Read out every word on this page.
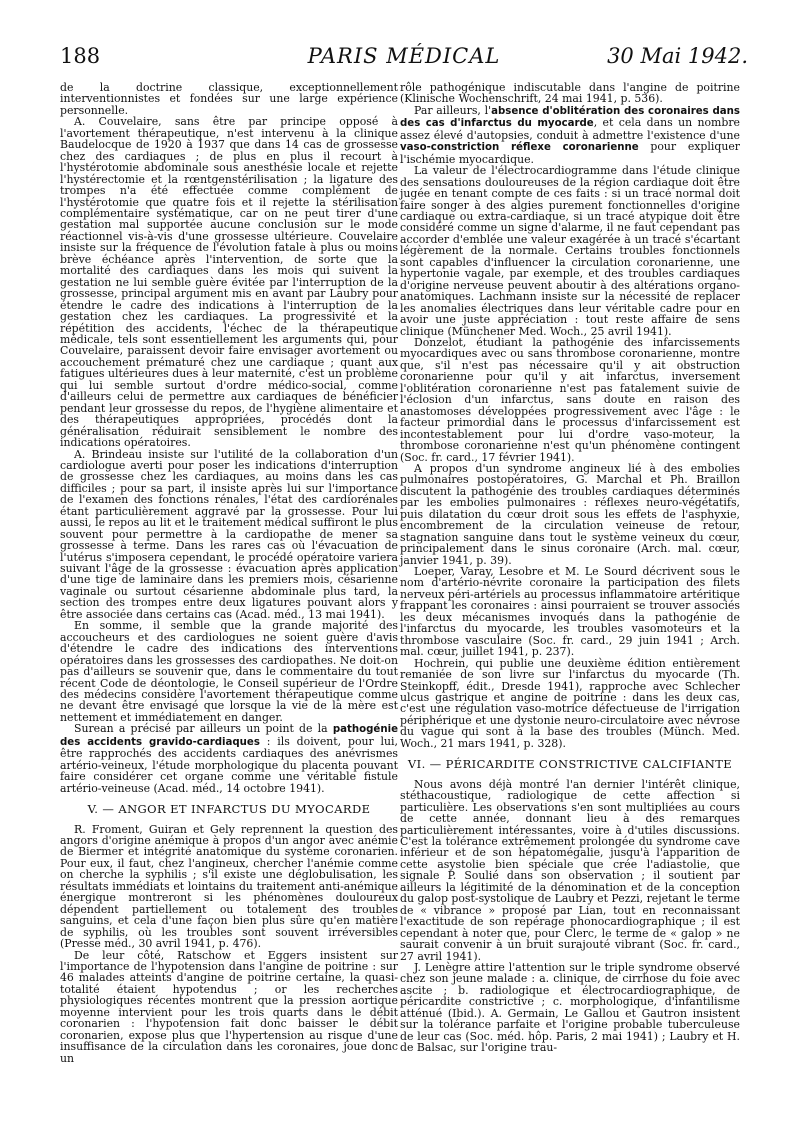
188	PARIS MÉDICAL	30 Mai 1942.

de la doctrine classique, exceptionnellement interventionnistes et fondées sur une large expérience personnelle.

A. Couvelaire, sans être par principe opposé à l'avortement thérapeutique, n'est intervenu à la clinique Baudelocque de 1920 à 1937 que dans 14 cas de grossesse chez des cardiaques ; de plus en plus il recourt à l'hystérotomie abdominale sous anesthésie locale et rejette l'hystérectomie et la rœntgenstérilisation ; la ligature des trompes n'a été effectuée comme complément de l'hystérotomie que quatre fois et il rejette la stérilisation complémentaire systématique, car on ne peut tirer d'une gestation mal supportée aucune conclusion sur le mode réactionnel vis-à-vis d'une grossesse ultérieure. Couvelaire insiste sur la fréquence de l'évolution fatale à plus ou moins brève échéance après l'intervention, de sorte que la mortalité des cardiaques dans les mois qui suivent la gestation ne lui semble guère évitée par l'interruption de la grossesse, principal argument mis en avant par Laubry pour étendre le cadre des indications à l'interruption de la gestation chez les cardiaques. La progressivité et la répétition des accidents, l'échec de la thérapeutique médicale, tels sont essentiellement les arguments qui, pour Couvelaire, paraissent devoir faire envisager avortement ou accouchement prématuré chez une cardiaque ; quant aux fatigues ultérieures dues à leur maternité, c'est un problème qui lui semble surtout d'ordre médico-social, comme d'ailleurs celui de permettre aux cardiaques de bénéficier pendant leur grossesse du repos, de l'hygiène alimentaire et des thérapeutiques appropriées, procédés dont la généralisation réduirait sensiblement le nombre des indications opératoires.

A. Brindeau insiste sur l'utilité de la collaboration d'un cardiologue averti pour poser les indications d'interruption de grossesse chez les cardiaques, au moins dans les cas difficiles ; pour sa part, il insiste après lui sur l'importance de l'examen des fonctions rénales, l'état des cardiorénales étant particulièrement aggravé par la grossesse. Pour lui aussi, le repos au lit et le traitement médical suffiront le plus souvent pour permettre à la cardiopathe de mener sa grossesse à terme. Dans les rares cas où l'évacuation de l'utérus s'imposera cependant, le procédé opératoire variera suivant l'âge de la grossesse : évacuation après application d'une tige de laminaire dans les premiers mois, césarienne vaginale ou surtout césarienne abdominale plus tard, la section des trompes entre deux ligatures pouvant alors y être associée dans certains cas (Acad. méd., 13 mai 1941).

En somme, il semble que la grande majorité des accoucheurs et des cardiologues ne soient guère d'avis d'étendre le cadre des indications des interventions opératoires dans les grossesses des cardiopathes. Ne doit-on pas d'ailleurs se souvenir que, dans le commentaire du tout récent Code de déontologie, le Conseil supérieur de l'Ordre des médecins considère l'avortement thérapeutique comme ne devant être envisagé que lorsque la vie de la mère est nettement et immédiatement en danger.

Surean a précisé par ailleurs un point de la pathogénie des accidents gravido-cardiaques : ils doivent, pour lui, être rapprochés des accidents cardiaques des anévrismes artério-veineux, l'étude morphologique du placenta pouvant faire considérer cet organe comme une véritable fistule artério-veineuse (Acad. méd., 14 octobre 1941).

V. — ANGOR ET INFARCTUS DU MYOCARDE

R. Froment, Guiran et Gely reprennent la question des angors d'origine anémique à propos d'un angor avec anémie de Biermer et intégrité anatomique du système coronarien. Pour eux, il faut, chez l'angineux, chercher l'anémie comme on cherche la syphilis ; s'il existe une déglobulisation, les résultats immédiats et lointains du traitement anti-anémique énergique montreront si les phénomènes douloureux dépendent partiellement ou totalement des troubles sanguins, et cela d'une façon bien plus sûre qu'en matière de syphilis, où les troubles sont souvent irréversibles (Presse méd., 30 avril 1941, p. 476).

De leur côté, Ratschow et Eggers insistent sur l'importance de l'hypotension dans l'angine de poitrine : sur 46 malades atteints d'angine de poitrine certaine, la quasi-totalité étaient hypotendus ; or les recherches physiologiques récentes montrent que la pression aortique moyenne intervient pour les trois quarts dans le débit coronarien : l'hypotension fait donc baisser le débit coronarien, expose plus que l'hypertension au risque d'une insuffisance de la circulation dans les coronaires, joue donc un

rôle pathogénique indiscutable dans l'angine de poitrine (Klinische Wochenschrift, 24 mai 1941, p. 536).

Par ailleurs, l'absence d'oblitération des coronaires dans des cas d'infarctus du myocarde, et cela dans un nombre assez élevé d'autopsies, conduit à admettre l'existence d'une vaso-constriction réflexe coronarienne pour expliquer l'ischémie myocardique.

La valeur de l'électrocardiogramme dans l'étude clinique des sensations douloureuses de la région cardiaque doit être jugée en tenant compte de ces faits : si un tracé normal doit faire songer à des algies purement fonctionnelles d'origine cardiaque ou extra-cardiaque, si un tracé atypique doit être considéré comme un signe d'alarme, il ne faut cependant pas accorder d'emblée une valeur exagérée à un tracé s'écartant légèrement de la normale. Certains troubles fonctionnels sont capables d'influencer la circulation coronarienne, une hypertonie vagale, par exemple, et des troubles cardiaques d'origine nerveuse peuvent aboutir à des altérations organo-anatomiques. Lachmann insiste sur la nécessité de replacer les anomalies électriques dans leur véritable cadre pour en avoir une juste appréciation : tout reste affaire de sens clinique (Münchener Med. Woch., 25 avril 1941).

Donzelot, étudiant la pathogénie des infarcissements myocardiques avec ou sans thrombose coronarienne, montre que, s'il n'est pas nécessaire qu'il y ait obstruction coronarienne pour qu'il y ait infarctus, inversement l'oblitération coronarienne n'est pas fatalement suivie de l'éclosion d'un infarctus, sans doute en raison des anastomoses développées progressivement avec l'âge : le facteur primordial dans le processus d'infarcissement est incontestablement pour lui d'ordre vaso-moteur, la thrombose coronarienne n'est qu'un phénomène contingent (Soc. fr. card., 17 février 1941).

A propos d'un syndrome angineux lié à des embolies pulmonaires postopératoires, G. Marchal et Ph. Braillon discutent la pathogénie des troubles cardiaques déterminés par les embolies pulmonaires : réflexes neuro-végétatifs, puis dilatation du cœur droit sous les effets de l'asphyxie, encombrement de la circulation veineuse de retour, stagnation sanguine dans tout le système veineux du cœur, principalement dans le sinus coronaire (Arch. mal. cœur, janvier 1941, p. 39).

Loeper, Varay, Lesobre et M. Le Sourd décrivent sous le nom d'artério-névrite coronaire la participation des filets nerveux péri-artériels au processus inflammatoire artéritique frappant les coronaires : ainsi pourraient se trouver associés les deux mécanismes invoqués dans la pathogénie de l'infarctus du myocarde, les troubles vasomoteurs et la thrombose vasculaire (Soc. fr. card., 29 juin 1941 ; Arch. mal. cœur, juillet 1941, p. 237).

Hochrein, qui publie une deuxième édition entièrement remaniée de son livre sur l'infarctus du myocarde (Th. Steinkopff, édit., Dresde 1941), rapproche avec Schlecher ulcus gastrique et angine de poitrine : dans les deux cas, c'est une régulation vaso-motrice défectueuse de l'irrigation périphérique et une dystonie neuro-circulatoire avec névrose du vague qui sont à la base des troubles (Münch. Med. Woch., 21 mars 1941, p. 328).

VI. — PÉRICARDITE CONSTRICTIVE CALCIFIANTE

Nous avons déjà montré l'an dernier l'intérêt clinique, stéthacoustique, radiologique de cette affection si particulière. Les observations s'en sont multipliées au cours de cette année, donnant lieu à des remarques particulièrement intéressantes, voire à d'utiles discussions. C'est la tolérance extrêmement prolongée du syndrome cave inférieur et de son hépatomégalie, jusqu'à l'apparition de cette asystolie bien spéciale que crée l'adiastolie, que signale P. Soulié dans son observation ; il soutient par ailleurs la légitimité de la dénomination et de la conception du galop post-systolique de Laubry et Pezzi, rejetant le terme de « vibrance » proposé par Lian, tout en reconnaissant l'exactitude de son repérage phonocardiographique ; il est cependant à noter que, pour Clerc, le terme de « galop » ne saurait convenir à un bruit surajouté vibrant (Soc. fr. card., 27 avril 1941).

J. Lenègre attire l'attention sur le triple syndrome observé chez son jeune malade : a. clinique, de cirrhose du foie avec ascite ; b. radiologique et électrocardiographique, de péricardite constrictive ; c. morphologique, d'infantilisme atténué (Ibid.). A. Germain, Le Gallou et Gautron insistent sur la tolérance parfaite et l'origine probable tuberculeuse de leur cas (Soc. méd. hôp. Paris, 2 mai 1941) ; Laubry et H. de Balsac, sur l'origine trau-
